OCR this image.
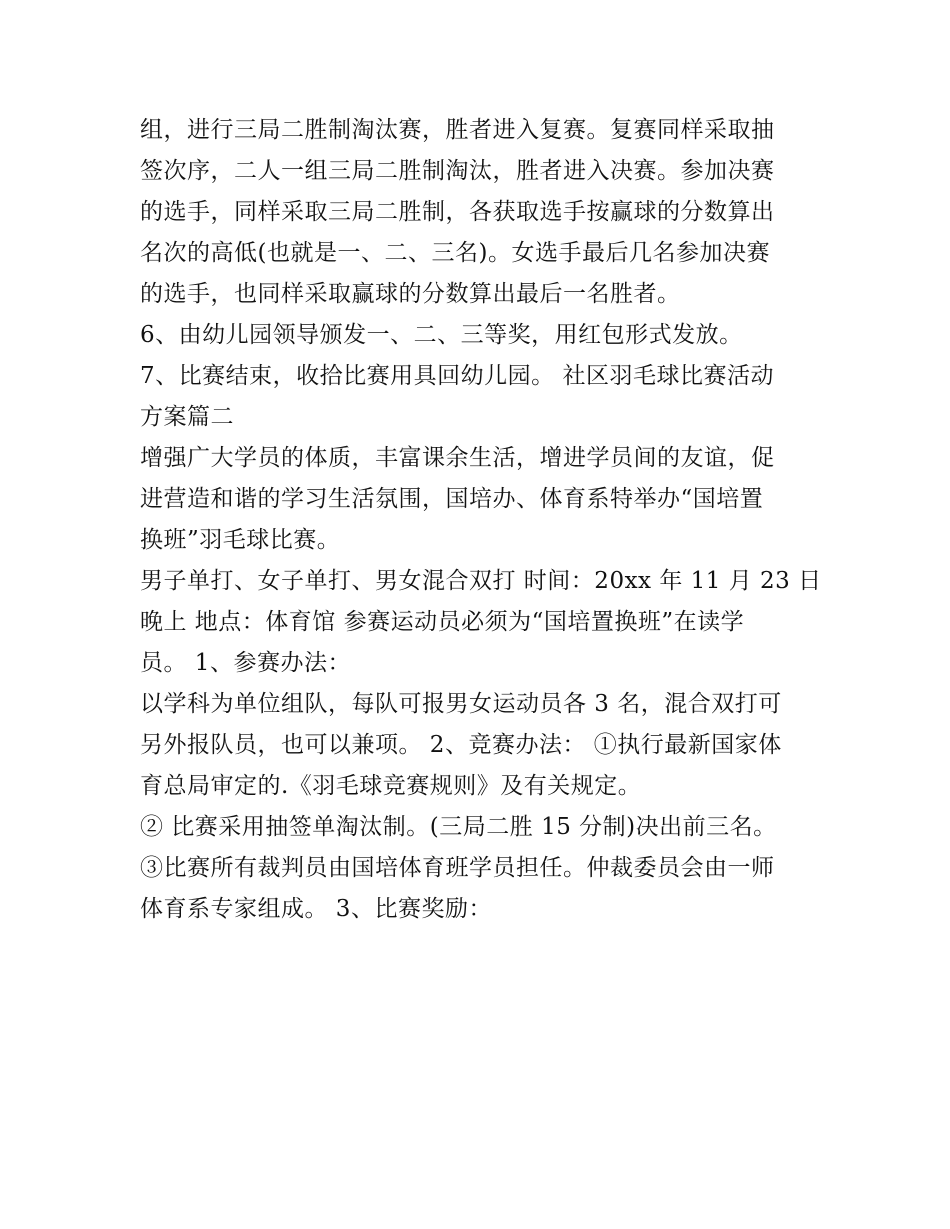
组，进行三局二胜制淘汰赛，胜者进入复赛。复赛同样采取抽
签次序，二人一组三局二胜制淘汰，胜者进入决赛。参加决赛
的选手，同样采取三局二胜制，各获取选手按赢球的分数算出
名次的高低(也就是一、二、三名)。女选手最后几名参加决赛
的选手，也同样采取赢球的分数算出最后一名胜者。
6、由幼儿园领导颁发一、二、三等奖，用红包形式发放。
7、比赛结束，收拾比赛用具回幼儿园。 社区羽毛球比赛活动
方案篇二
增强广大学员的体质，丰富课余生活，增进学员间的友谊，促
进营造和谐的学习生活氛围，国培办、体育系特举办“国培置
换班”羽毛球比赛。
男子单打、女子单打、男女混合双打 时间：20xx 年 11 月 23 日
晚上 地点：体育馆 参赛运动员必须为“国培置换班”在读学
员。 1、参赛办法：
以学科为单位组队，每队可报男女运动员各 3 名，混合双打可
另外报队员，也可以兼项。 2、竞赛办法： ①执行最新国家体
育总局审定的.《羽毛球竞赛规则》及有关规定。
② 比赛采用抽签单淘汰制。(三局二胜 15 分制)决出前三名。
③比赛所有裁判员由国培体育班学员担任。仲裁委员会由一师
体育系专家组成。 3、比赛奖励：
